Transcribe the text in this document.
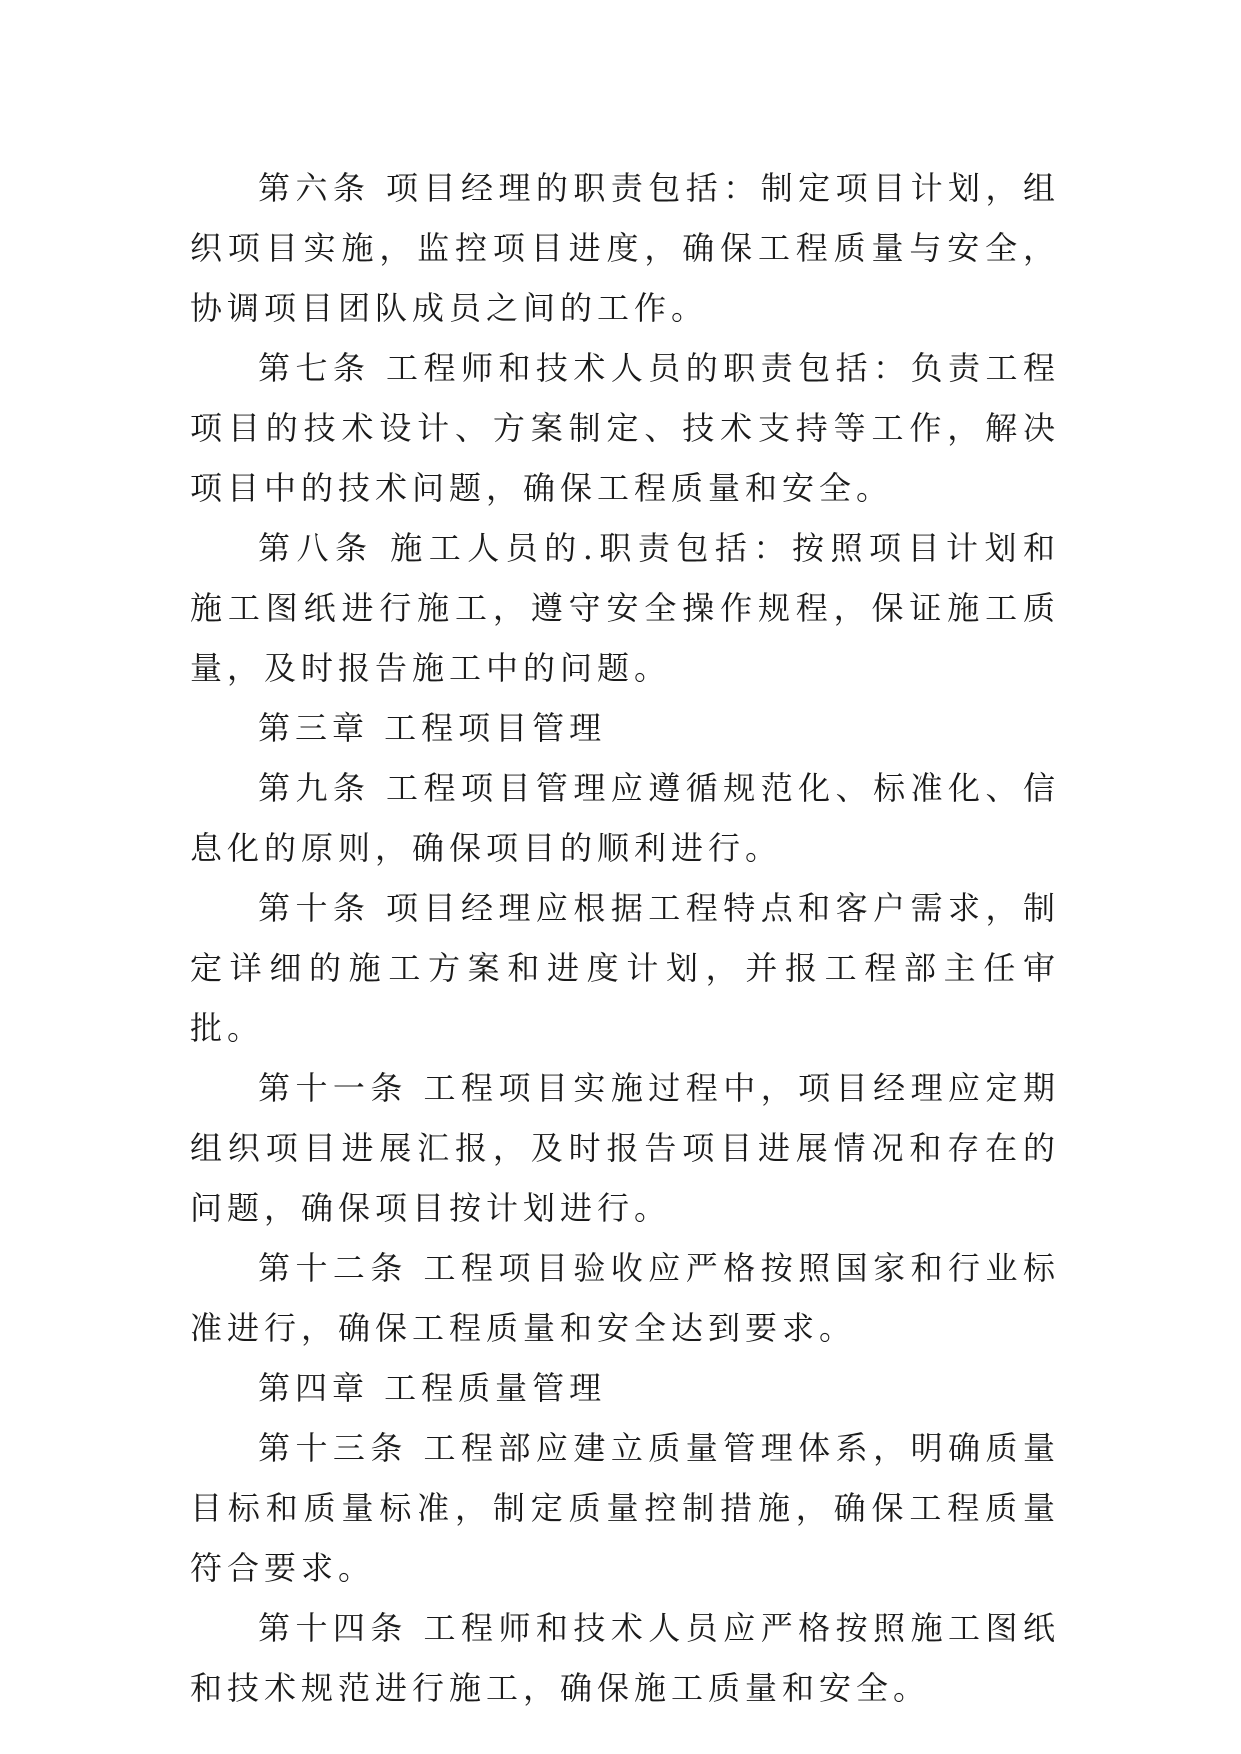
第六条 项目经理的职责包括：制定项目计划，组织项目实施，监控项目进度，确保工程质量与安全，协调项目团队成员之间的工作。

第七条 工程师和技术人员的职责包括：负责工程项目的技术设计、方案制定、技术支持等工作，解决项目中的技术问题，确保工程质量和安全。

第八条 施工人员的.职责包括：按照项目计划和施工图纸进行施工，遵守安全操作规程，保证施工质量，及时报告施工中的问题。

第三章 工程项目管理

第九条 工程项目管理应遵循规范化、标准化、信息化的原则，确保项目的顺利进行。

第十条 项目经理应根据工程特点和客户需求，制定详细的施工方案和进度计划，并报工程部主任审批。

第十一条 工程项目实施过程中，项目经理应定期组织项目进展汇报，及时报告项目进展情况和存在的问题，确保项目按计划进行。

第十二条 工程项目验收应严格按照国家和行业标准进行，确保工程质量和安全达到要求。

第四章 工程质量管理

第十三条 工程部应建立质量管理体系，明确质量目标和质量标准，制定质量控制措施，确保工程质量符合要求。

第十四条 工程师和技术人员应严格按照施工图纸和技术规范进行施工，确保施工质量和安全。
